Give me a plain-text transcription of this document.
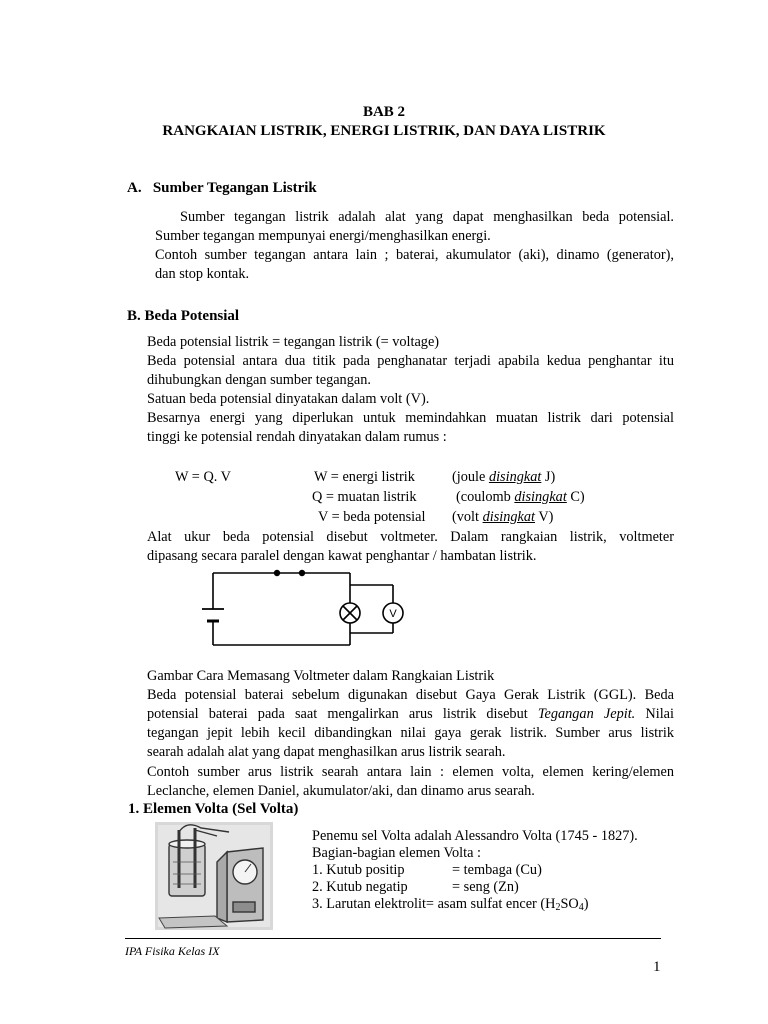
BAB 2
RANGKAIAN LISTRIK, ENERGI LISTRIK, DAN DAYA LISTRIK
A.   Sumber Tegangan Listrik
Sumber tegangan listrik adalah alat yang dapat menghasilkan beda potensial.
Sumber tegangan mempunyai energi/menghasilkan energi.
Contoh sumber tegangan antara lain ; baterai, akumulator (aki), dinamo (generator),
dan stop kontak.
B. Beda Potensial
Beda potensial listrik = tegangan listrik (= voltage)
Beda potensial antara dua titik pada penghanatar terjadi apabila kedua penghantar itu
dihubungkan dengan sumber tegangan.
Satuan beda potensial dinyatakan dalam volt (V).
Besarnya energi yang diperlukan untuk memindahkan muatan listrik dari potensial
tinggi ke potensial rendah dinyatakan dalam rumus :
W = Q. V	W = energi listrik	(joule disingkat J)
Q = muatan listrik	(coulomb disingkat C)
V = beda potensial (volt disingkat V)
Alat ukur beda potensial disebut voltmeter. Dalam rangkaian listrik, voltmeter
dipasang secara paralel dengan kawat penghantar / hambatan listrik.
V
Gambar Cara Memasang Voltmeter dalam Rangkaian Listrik
Beda potensial baterai sebelum digunakan disebut Gaya Gerak Listrik (GGL). Beda
potensial baterai pada saat mengalirkan arus listrik disebut Tegangan Jepit. Nilai
tegangan jepit lebih kecil dibandingkan nilai gaya gerak listrik. Sumber arus listrik
searah adalah alat yang dapat menghasilkan arus listrik searah.
Contoh sumber arus listrik searah antara lain : elemen volta, elemen kering/elemen
Leclanche, elemen Daniel, akumulator/aki, dan dinamo arus searah.
1. Elemen Volta (Sel Volta)
Penemu sel Volta adalah Alessandro Volta (1745 - 1827).
Bagian-bagian elemen Volta :
1. Kutub positip	= tembaga (Cu)
2. Kutub negatip	= seng (Zn)
3. Larutan elektrolit= asam sulfat encer $(H_2SO_4)$
IPA Fisika Kelas IX
1
